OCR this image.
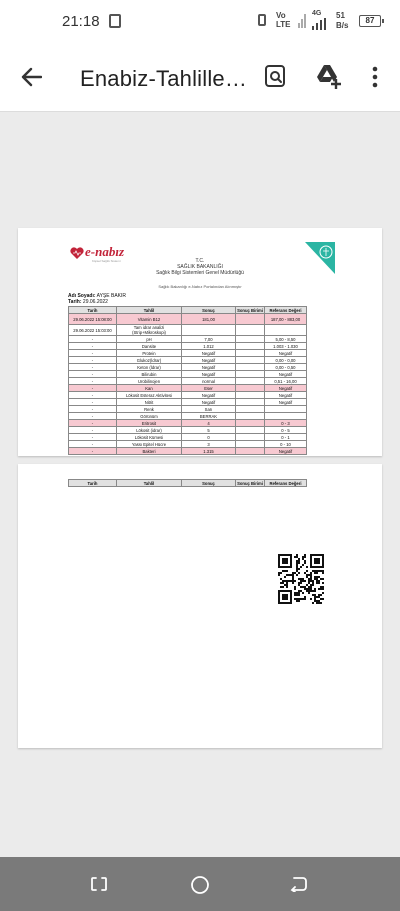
21:18	Vo LTE
4G 51 B/s
87
Enabiz-Tahlille…
e-nabız
Kişisel Sağlık Sistemi	T.C.
SAĞLIK BAKANLIĞI
Sağlık Bilgi Sistemleri Genel Müdürlüğü
Sağlık Bakanlığı e-Nabız Portalından Alınmıştır
Adı Soyadı: AYŞE BAKIR
Tarih: 29.06.2022
Tarih	Tahlil	Sonuç	Sonuç Birimi	Referans Değeri
29.06.2022 15:08:00	Vitamin B12	181,00		187,00 - 883,00
29.06.2022 15:03:00	Tam idrar analizi (Strip+Mikroskopi)			
-	pH	7,00		5,00 - 8,50
-	Dansite	1.012		1.003 - 1.030
-	Protein	Negatif		Negatif
-	Glukoz(İdrar)	Negatif		0,00 - 0,00
-	Keton (İdrar)	Negatif		0,00 - 0,50
-	Bilirubin	Negatif		Negatif
-	Urobilinojen	normal		0,51 - 16,00
-	Kan	Eser		Negatif
-	Lökosit Esteraz Aktivitesi	Negatif		Negatif
-	Nitrit	Negatif		Negatif
-	Renk	Sarı		
-	Görünüm	BERRAK		
-	Eritrosit	4		0 - 3
-	Lökosit (idrar)	5		0 - 5
-	Lökosit Kümesi	0		0 - 1
-	Yassı Epitel Hücre	3		0 - 10
-	Bakteri	1.315		Negatif
Tarih	Tahlil	Sonuç	Sonuç Birimi	Referans Değeri
